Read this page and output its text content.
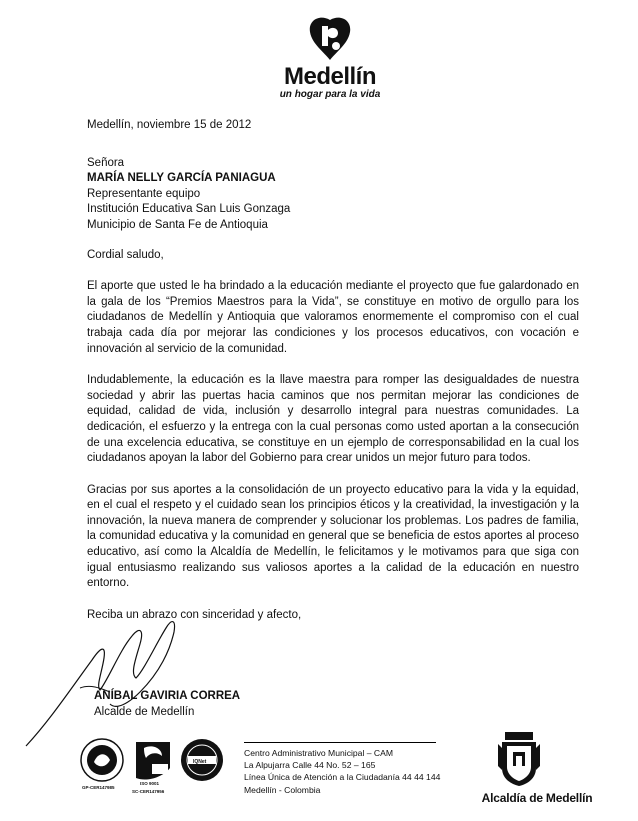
Medellín
un hogar para la vida

Medellín, noviembre 15 de 2012

Señora

MARÍA NELLY GARCÍA PANIAGUA

Representante equipo

Institución Educativa San Luis Gonzaga

Municipio de Santa Fe de Antioquia

Cordial saludo,

El aporte que usted le ha brindado a la educación mediante el proyecto que fue galardonado en la gala de los “Premios Maestros para la Vida”, se constituye en motivo de orgullo para los ciudadanos de Medellín y Antioquia que valoramos enormemente el compromiso con el cual trabaja cada día por mejorar las condiciones y los procesos educativos, con vocación e innovación al servicio de la comunidad.

Indudablemente, la educación es la llave maestra para romper las desigualdades de nuestra sociedad y abrir las puertas hacia caminos que nos permitan mejorar las condiciones de equidad, calidad de vida, inclusión y desarrollo integral para nuestras comunidades. La dedicación, el esfuerzo y la entrega con la cual personas como usted aportan a la consecución de una excelencia educativa, se constituye en un ejemplo de corresponsabilidad en la cual los ciudadanos apoyan la labor del Gobierno para crear unidos un mejor futuro para todos.

Gracias por sus aportes a la consolidación de un proyecto educativo para la vida y la equidad, en el cual el respeto y el cuidado sean los principios éticos y la creatividad, la investigación y la innovación, la nueva manera de comprender y solucionar los problemas. Los padres de familia, la comunidad educativa y la comunidad en general que se beneficia de estos aportes al proceso educativo, así como la Alcaldía de Medellín, le felicitamos y le motivamos para que siga con igual entusiasmo realizando sus valiosos aportes a la calidad de la educación en nuestro entorno.

Reciba un abrazo con sinceridad y afecto,

ANÍBAL GAVIRIA CORREA
Alcalde de Medellín
GP-CER147985
ISO 9001
SC-CER147956
IQNet

Centro Administrativo Municipal – CAM

La Alpujarra Calle 44 No. 52 – 165

Línea Única de Atención a la Ciudadanía 44 44 144

Medellín - Colombia

Alcaldía de Medellín
